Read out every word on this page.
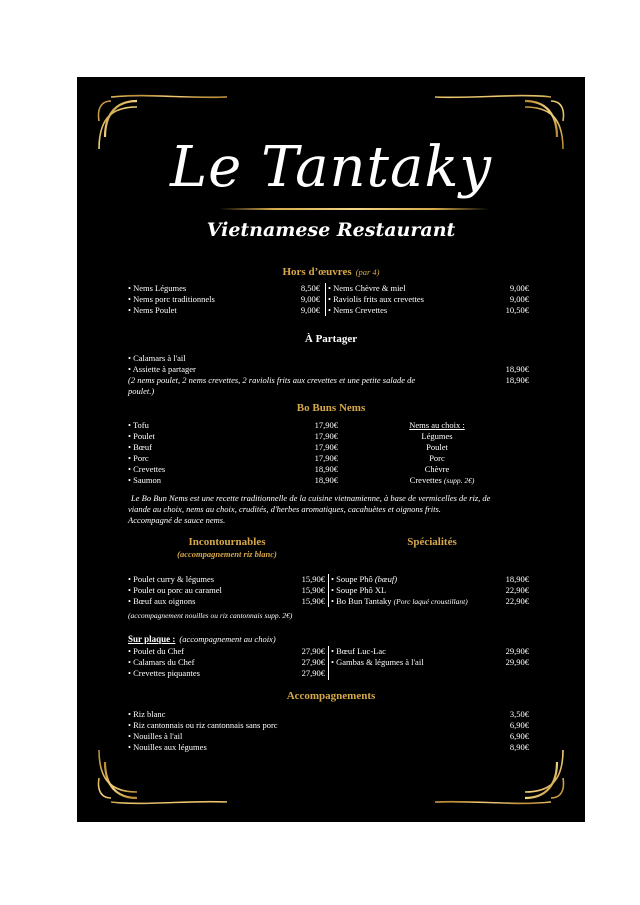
Le Tantaky
Vietnamese Restaurant
Hors d’œuvres (par 4)
• Nems Légumes	8,50€
• Nems porc traditionnels	9,00€
• Nems Poulet	9,00€
• Nems Chèvre & miel	9,00€
• Raviolis frits aux crevettes	9,00€
• Nems Crevettes	10,50€
À Partager
• Calamars à l'ail
• Assiette à partager	18,90€
(2 nems poulet, 2 nems crevettes, 2 raviolis frits aux crevettes et une petite salade de	18,90€
poulet.)
Bo Buns Nems
• Tofu	17,90€
• Poulet	17,90€
• Bœuf	17,90€
• Porc	17,90€
• Crevettes	18,90€
• Saumon	18,90€
Nems au choix :
Légumes
Poulet
Porc
Chèvre
Crevettes (supp. 2€)
Le Bo Bun Nems est une recette traditionnelle de la cuisine vietnamienne, à base de vermicelles de riz, de
viande au choix, nems au choix, crudités, d'herbes aromatiques, cacahuètes et oignons frits.
Accompagné de sauce nems.
Incontournables
(accompagnement riz blanc)
Spécialités
• Poulet curry & légumes	15,90€
• Poulet ou porc au caramel	15,90€
• Bœuf aux oignons	15,90€
• Soupe Phô (bœuf)	18,90€
• Soupe Phô XL	22,90€
• Bo Bun Tantaky (Porc laqué croustillant)	22,90€
(accompagnement nouilles ou riz cantonnais supp. 2€)
Sur plaque : (accompagnement au choix)
• Poulet du Chef	27,90€
• Calamars du Chef	27,90€
• Crevettes piquantes	27,90€
• Bœuf Luc-Lac	29,90€
• Gambas & légumes à l'ail	29,90€
Accompagnements
• Riz blanc	3,50€
• Riz cantonnais ou riz cantonnais sans porc	6,90€
• Nouilles à l'ail	6,90€
• Nouilles aux légumes	8,90€
